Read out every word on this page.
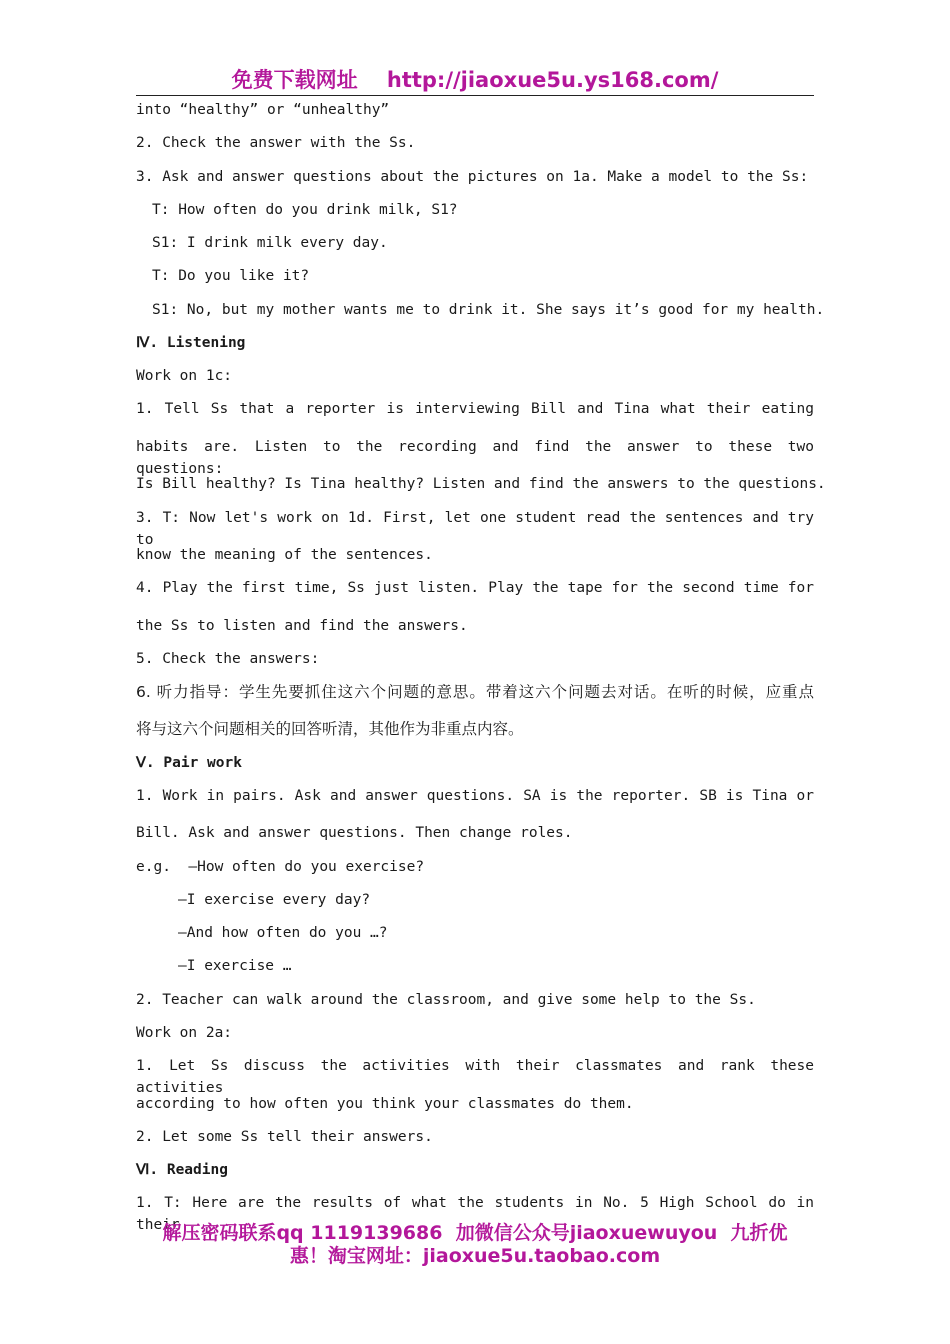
免费下载网址    http://jiaoxue5u.ys168.com/
into “healthy” or “unhealthy”
2. Check the answer with the Ss.
3. Ask and answer questions about the pictures on 1a. Make a model to the Ss:
T: How often do you drink milk, S1?
S1: I drink milk every day.
T: Do you like it?
S1: No, but my mother wants me to drink it. She says it’s good for my health.
Ⅳ. Listening
Work on 1c:
1. Tell Ss that a reporter is interviewing Bill and Tina what their eating
habits are. Listen to the recording and find the answer to these two questions:
Is Bill healthy? Is Tina healthy? Listen and find the answers to the questions.
3. T: Now let's work on 1d. First, let one student read the sentences and try to
know the meaning of the sentences.
4. Play the first time, Ss just listen. Play the tape for the second time for
the Ss to listen and find the answers.
5. Check the answers:
6. 听力指导：学生先要抓住这六个问题的意思。带着这六个问题去对话。在听的时候，应重点
将与这六个问题相关的回答听清，其他作为非重点内容。
Ⅴ. Pair work
1. Work in pairs. Ask and answer questions. SA is the reporter. SB is Tina or
Bill. Ask and answer questions. Then change roles.
e.g.  —How often do you exercise?
—I exercise every day?
—And how often do you …?
—I exercise …
2. Teacher can walk around the classroom, and give some help to the Ss.
Work on 2a:
1. Let Ss discuss the activities with their classmates and rank these activities
according to how often you think your classmates do them.
2. Let some Ss tell their answers.
Ⅵ. Reading
1. T: Here are the results of what the students in No. 5 High School do in their
解压密码联系qq 1119139686  加微信公众号jiaoxuewuyou  九折优
惠！淘宝网址：jiaoxue5u.taobao.com
